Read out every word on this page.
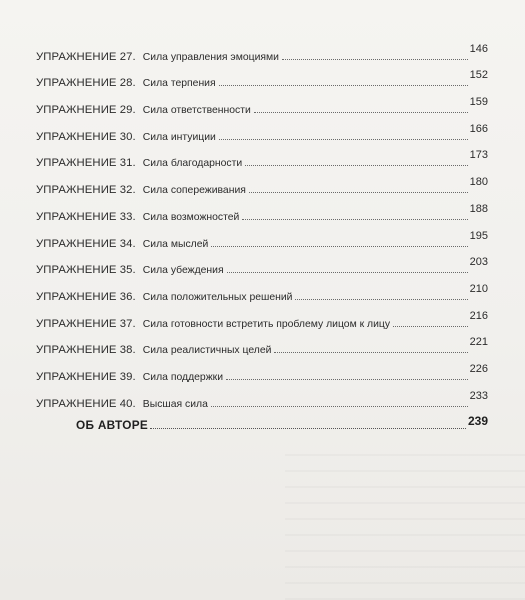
УПРАЖНЕНИЕ 27. Сила управления эмоциями
146
УПРАЖНЕНИЕ 28. Сила терпения
152
УПРАЖНЕНИЕ 29. Сила ответственности
159
УПРАЖНЕНИЕ 30. Сила интуиции
166
УПРАЖНЕНИЕ 31. Сила благодарности
173
УПРАЖНЕНИЕ 32. Сила сопереживания
180
УПРАЖНЕНИЕ 33. Сила возможностей
188
УПРАЖНЕНИЕ 34. Сила мыслей
195
УПРАЖНЕНИЕ 35. Сила убеждения
203
УПРАЖНЕНИЕ 36. Сила положительных решений
210
УПРАЖНЕНИЕ 37. Сила готовности встретить проблему лицом к лицу
216
УПРАЖНЕНИЕ 38. Сила реалистичных целей
221
УПРАЖНЕНИЕ 39. Сила поддержки
226
УПРАЖНЕНИЕ 40. Высшая сила
233
ОБ АВТОРЕ	239
